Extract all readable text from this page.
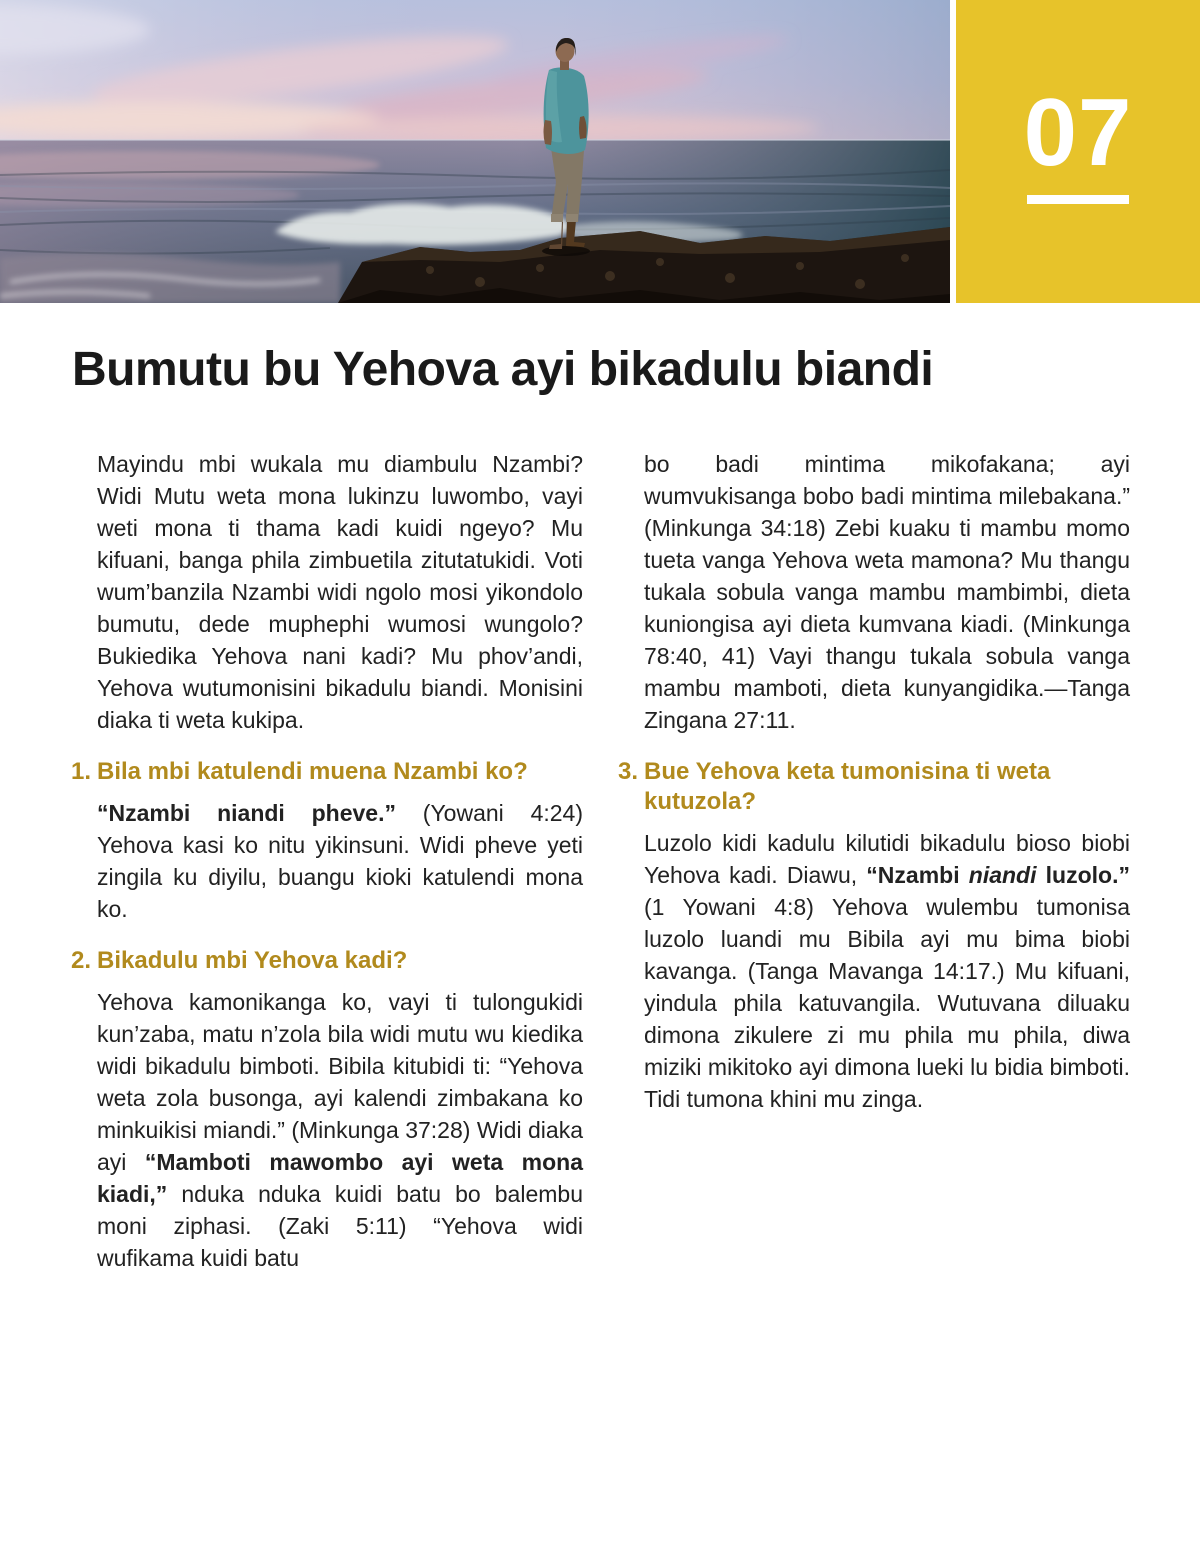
07
Bumutu bu Yehova ayi bikadulu biandi

Mayindu mbi wukala mu diambulu Nzambi? Widi Mutu weta mona lukinzu luwombo, vayi weti mona ti thama kadi kuidi ngeyo? Mu kifuani, banga phila zimbuetila zitutatukidi. Voti wum’banzila Nzambi widi ngolo mosi yikondolo bumutu, dede muphephi wumosi wungolo? Bukiedika Yehova nani kadi? Mu phov’andi, Yehova wutumonisini bikadulu biandi. Monisini diaka ti weta kukipa.

1. Bila mbi katulendi muena Nzambi ko?

“Nzambi niandi pheve.” (Yowani 4:24) Yehova kasi ko nitu yikinsuni. Widi pheve yeti zingila ku diyilu, buangu kioki katulendi mona ko.

2. Bikadulu mbi Yehova kadi?

Yehova kamonikanga ko, vayi ti tulongukidi kun’zaba, matu n’zola bila widi mutu wu kiedika widi bikadulu bimboti. Bibila kitubidi ti: “Yehova weta zola busonga, ayi kalendi zimbakana ko minkuikisi miandi.” (Minkunga 37:28) Widi diaka ayi “Mamboti mawombo ayi weta mona kiadi,” nduka nduka kuidi batu bo balembu moni ziphasi. (Zaki 5:11) “Yehova widi wufikama kuidi batu

bo badi mintima mikofakana; ayi wumvukisanga bobo badi mintima milebakana.” (Minkunga 34:18) Zebi kuaku ti mambu momo tueta vanga Yehova weta mamona? Mu thangu tukala sobula vanga mambu mambimbi, dieta kuniongisa ayi dieta kumvana kiadi. (Minkunga 78:40, 41) Vayi thangu tukala sobula vanga mambu mamboti, dieta kunyangidika.—Tanga Zingana 27:11.

3. Bue Yehova keta tumonisina ti weta kutuzola?

Luzolo kidi kadulu kilutidi bikadulu bioso biobi Yehova kadi. Diawu, “Nzambi niandi luzolo.” (1 Yowani 4:8) Yehova wulembu tumonisa luzolo luandi mu Bibila ayi mu bima biobi kavanga. (Tanga Mavanga 14:17.) Mu kifuani, yindula phila katuvangila. Wutuvana diluaku dimona zikulere zi mu phila mu phila, diwa miziki mikitoko ayi dimona lueki lu bidia bimboti. Tidi tumona khini mu zinga.
